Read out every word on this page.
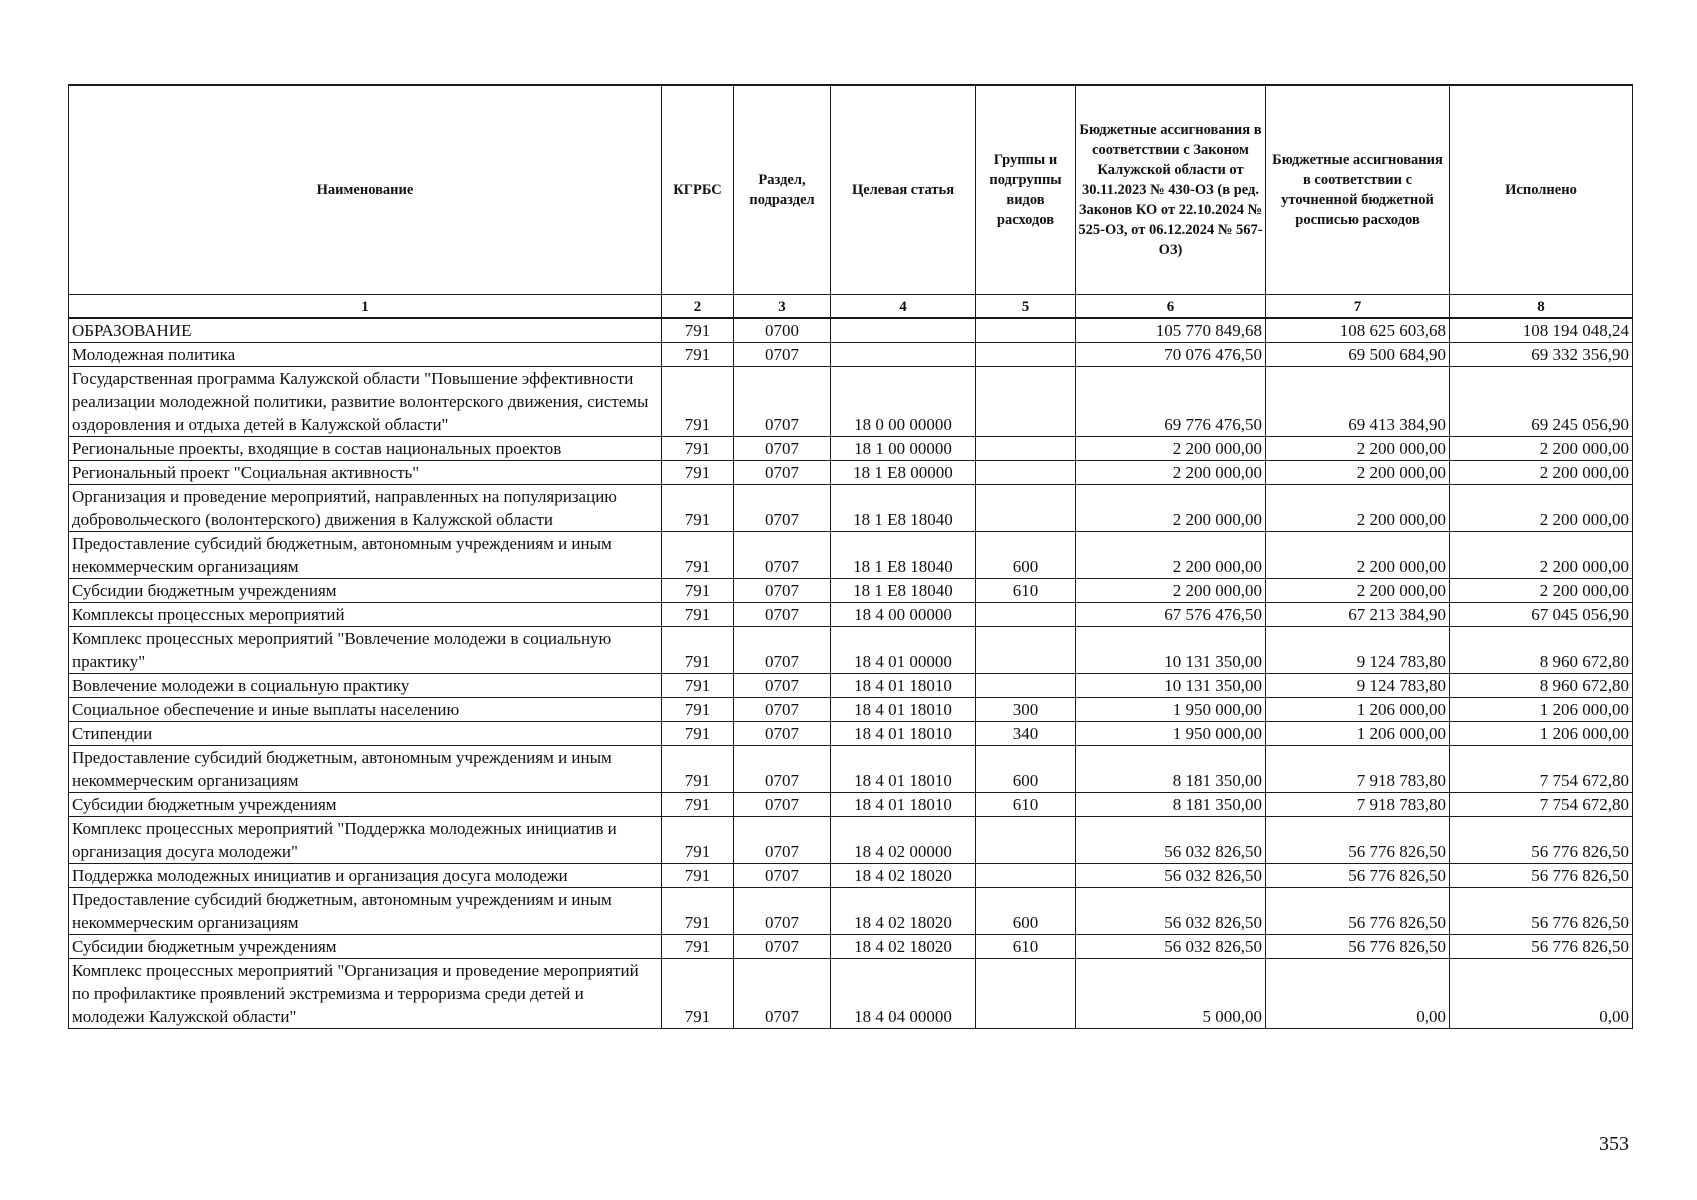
Наименование	КГРБС	Раздел, подраздел	Целевая статья	Группы и подгруппы видов расходов	Бюджетные ассигнования в соответствии с Законом Калужской области от 30.11.2023 № 430-ОЗ (в ред. Законов КО от 22.10.2024 № 525-ОЗ, от 06.12.2024 № 567-ОЗ)	Бюджетные ассигнования в соответствии с уточненной бюджетной росписью расходов	Исполнено
1	2	3	4	5	6	7	8
ОБРАЗОВАНИЕ	791	0700			105 770 849,68	108 625 603,68	108 194 048,24
Молодежная политика	791	0707			70 076 476,50	69 500 684,90	69 332 356,90
Государственная программа Калужской области "Повышение эффективности реализации молодежной политики, развитие волонтерского движения, системы оздоровления и отдыха детей в Калужской области"	791	0707	18 0 00 00000		69 776 476,50	69 413 384,90	69 245 056,90
Региональные проекты, входящие в состав национальных проектов	791	0707	18 1 00 00000		2 200 000,00	2 200 000,00	2 200 000,00
Региональный проект "Социальная активность"	791	0707	18 1 E8 00000		2 200 000,00	2 200 000,00	2 200 000,00
Организация и проведение мероприятий, направленных на популяризацию добровольческого (волонтерского) движения в Калужской области	791	0707	18 1 E8 18040		2 200 000,00	2 200 000,00	2 200 000,00
Предоставление субсидий бюджетным, автономным учреждениям и иным некоммерческим организациям	791	0707	18 1 E8 18040	600	2 200 000,00	2 200 000,00	2 200 000,00
Субсидии бюджетным учреждениям	791	0707	18 1 E8 18040	610	2 200 000,00	2 200 000,00	2 200 000,00
Комплексы процессных мероприятий	791	0707	18 4 00 00000		67 576 476,50	67 213 384,90	67 045 056,90
Комплекс процессных мероприятий "Вовлечение молодежи в социальную практику"	791	0707	18 4 01 00000		10 131 350,00	9 124 783,80	8 960 672,80
Вовлечение молодежи в социальную практику	791	0707	18 4 01 18010		10 131 350,00	9 124 783,80	8 960 672,80
Социальное обеспечение и иные выплаты населению	791	0707	18 4 01 18010	300	1 950 000,00	1 206 000,00	1 206 000,00
Стипендии	791	0707	18 4 01 18010	340	1 950 000,00	1 206 000,00	1 206 000,00
Предоставление субсидий бюджетным, автономным учреждениям и иным некоммерческим организациям	791	0707	18 4 01 18010	600	8 181 350,00	7 918 783,80	7 754 672,80
Субсидии бюджетным учреждениям	791	0707	18 4 01 18010	610	8 181 350,00	7 918 783,80	7 754 672,80
Комплекс процессных мероприятий "Поддержка молодежных инициатив и организация досуга молодежи"	791	0707	18 4 02 00000		56 032 826,50	56 776 826,50	56 776 826,50
Поддержка молодежных инициатив и организация досуга молодежи	791	0707	18 4 02 18020		56 032 826,50	56 776 826,50	56 776 826,50
Предоставление субсидий бюджетным, автономным учреждениям и иным некоммерческим организациям	791	0707	18 4 02 18020	600	56 032 826,50	56 776 826,50	56 776 826,50
Субсидии бюджетным учреждениям	791	0707	18 4 02 18020	610	56 032 826,50	56 776 826,50	56 776 826,50
Комплекс процессных мероприятий "Организация и проведение мероприятий по профилактике проявлений экстремизма и терроризма среди детей и молодежи Калужской области"	791	0707	18 4 04 00000		5 000,00	0,00	0,00
353
